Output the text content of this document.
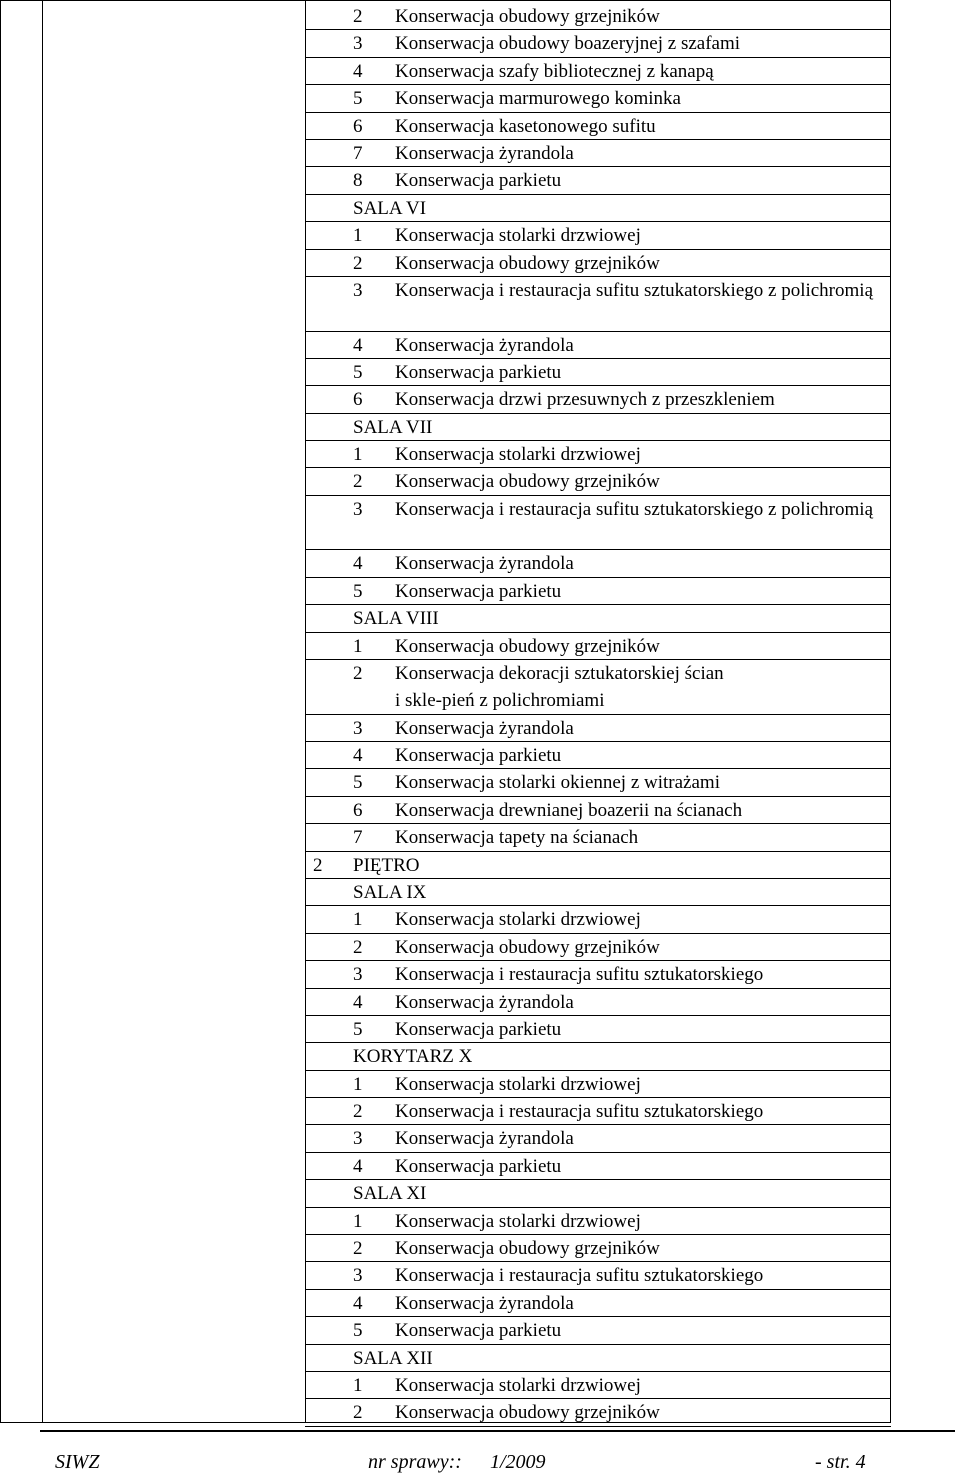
2	Konserwacja obudowy grzejników
3	Konserwacja obudowy boazeryjnej z szafami
4	Konserwacja szafy bibliotecznej z kanapą
5	Konserwacja marmurowego kominka
6	Konserwacja kasetonowego sufitu
7	Konserwacja żyrandola
8	Konserwacja parkietu
SALA VI
1	Konserwacja stolarki drzwiowej
2	Konserwacja obudowy grzejników
3	Konserwacja i restauracja sufitu sztukatorskiego z polichromią
4	Konserwacja żyrandola
5	Konserwacja parkietu
6	Konserwacja drzwi przesuwnych z przeszkleniem
SALA VII
1	Konserwacja stolarki drzwiowej
2	Konserwacja obudowy grzejników
3	Konserwacja i restauracja sufitu sztukatorskiego z polichromią
4	Konserwacja żyrandola
5	Konserwacja parkietu
SALA VIII
1	Konserwacja obudowy grzejników
2	Konserwacja dekoracji sztukatorskiej ścian i skle-pień z polichromiami
3	Konserwacja żyrandola
4	Konserwacja parkietu
5	Konserwacja stolarki okiennej z witrażami
6	Konserwacja drewnianej boazerii na ścianach
7	Konserwacja tapety na ścianach
2 PIĘTRO
SALA IX
1	Konserwacja stolarki drzwiowej
2	Konserwacja obudowy grzejników
3	Konserwacja i restauracja sufitu sztukatorskiego
4	Konserwacja żyrandola
5	Konserwacja parkietu
KORYTARZ X
1	Konserwacja stolarki drzwiowej
2	Konserwacja i restauracja sufitu sztukatorskiego
3	Konserwacja żyrandola
4	Konserwacja parkietu
SALA XI
1	Konserwacja stolarki drzwiowej
2	Konserwacja obudowy grzejników
3	Konserwacja i restauracja sufitu sztukatorskiego
4	Konserwacja żyrandola
5	Konserwacja parkietu
SALA XII
1	Konserwacja stolarki drzwiowej
2	Konserwacja obudowy grzejników
SIWZ	nr sprawy:: 1/2009	- str. 4
